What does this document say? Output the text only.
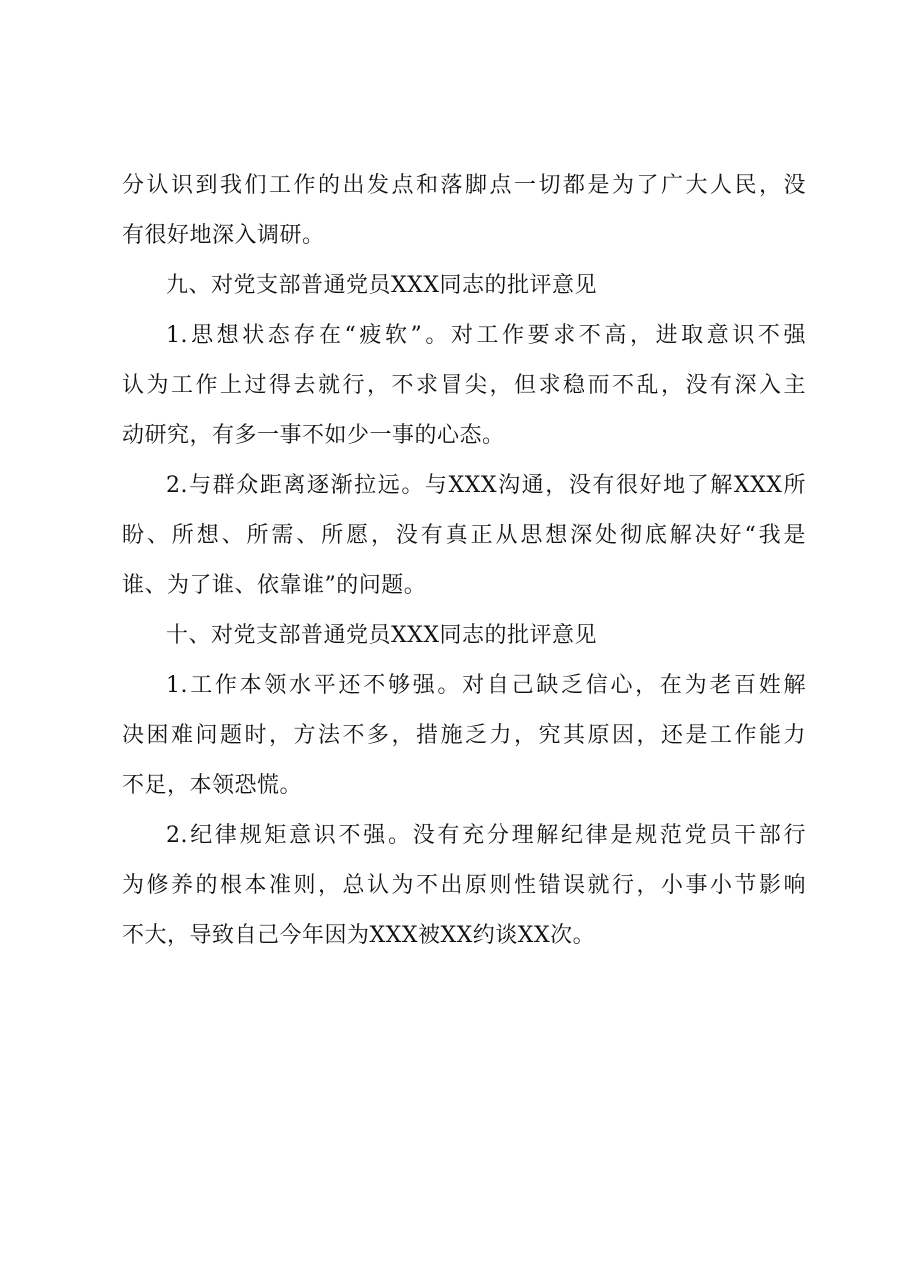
分认识到我们工作的出发点和落脚点一切都是为了广大人民，没
有很好地深入调研。
九、对党支部普通党员XXX同志的批评意见
1.思想状态存在“疲软”。对工作要求不高，进取意识不强
认为工作上过得去就行，不求冒尖，但求稳而不乱，没有深入主
动研究，有多一事不如少一事的心态。
2.与群众距离逐渐拉远。与XXX沟通，没有很好地了解XXX所
盼、所想、所需、所愿，没有真正从思想深处彻底解决好“我是
谁、为了谁、依靠谁”的问题。
十、对党支部普通党员XXX同志的批评意见
1.工作本领水平还不够强。对自己缺乏信心，在为老百姓解
决困难问题时，方法不多，措施乏力，究其原因，还是工作能力
不足，本领恐慌。
2.纪律规矩意识不强。没有充分理解纪律是规范党员干部行
为修养的根本准则，总认为不出原则性错误就行，小事小节影响
不大，导致自己今年因为XXX被XX约谈XX次。
